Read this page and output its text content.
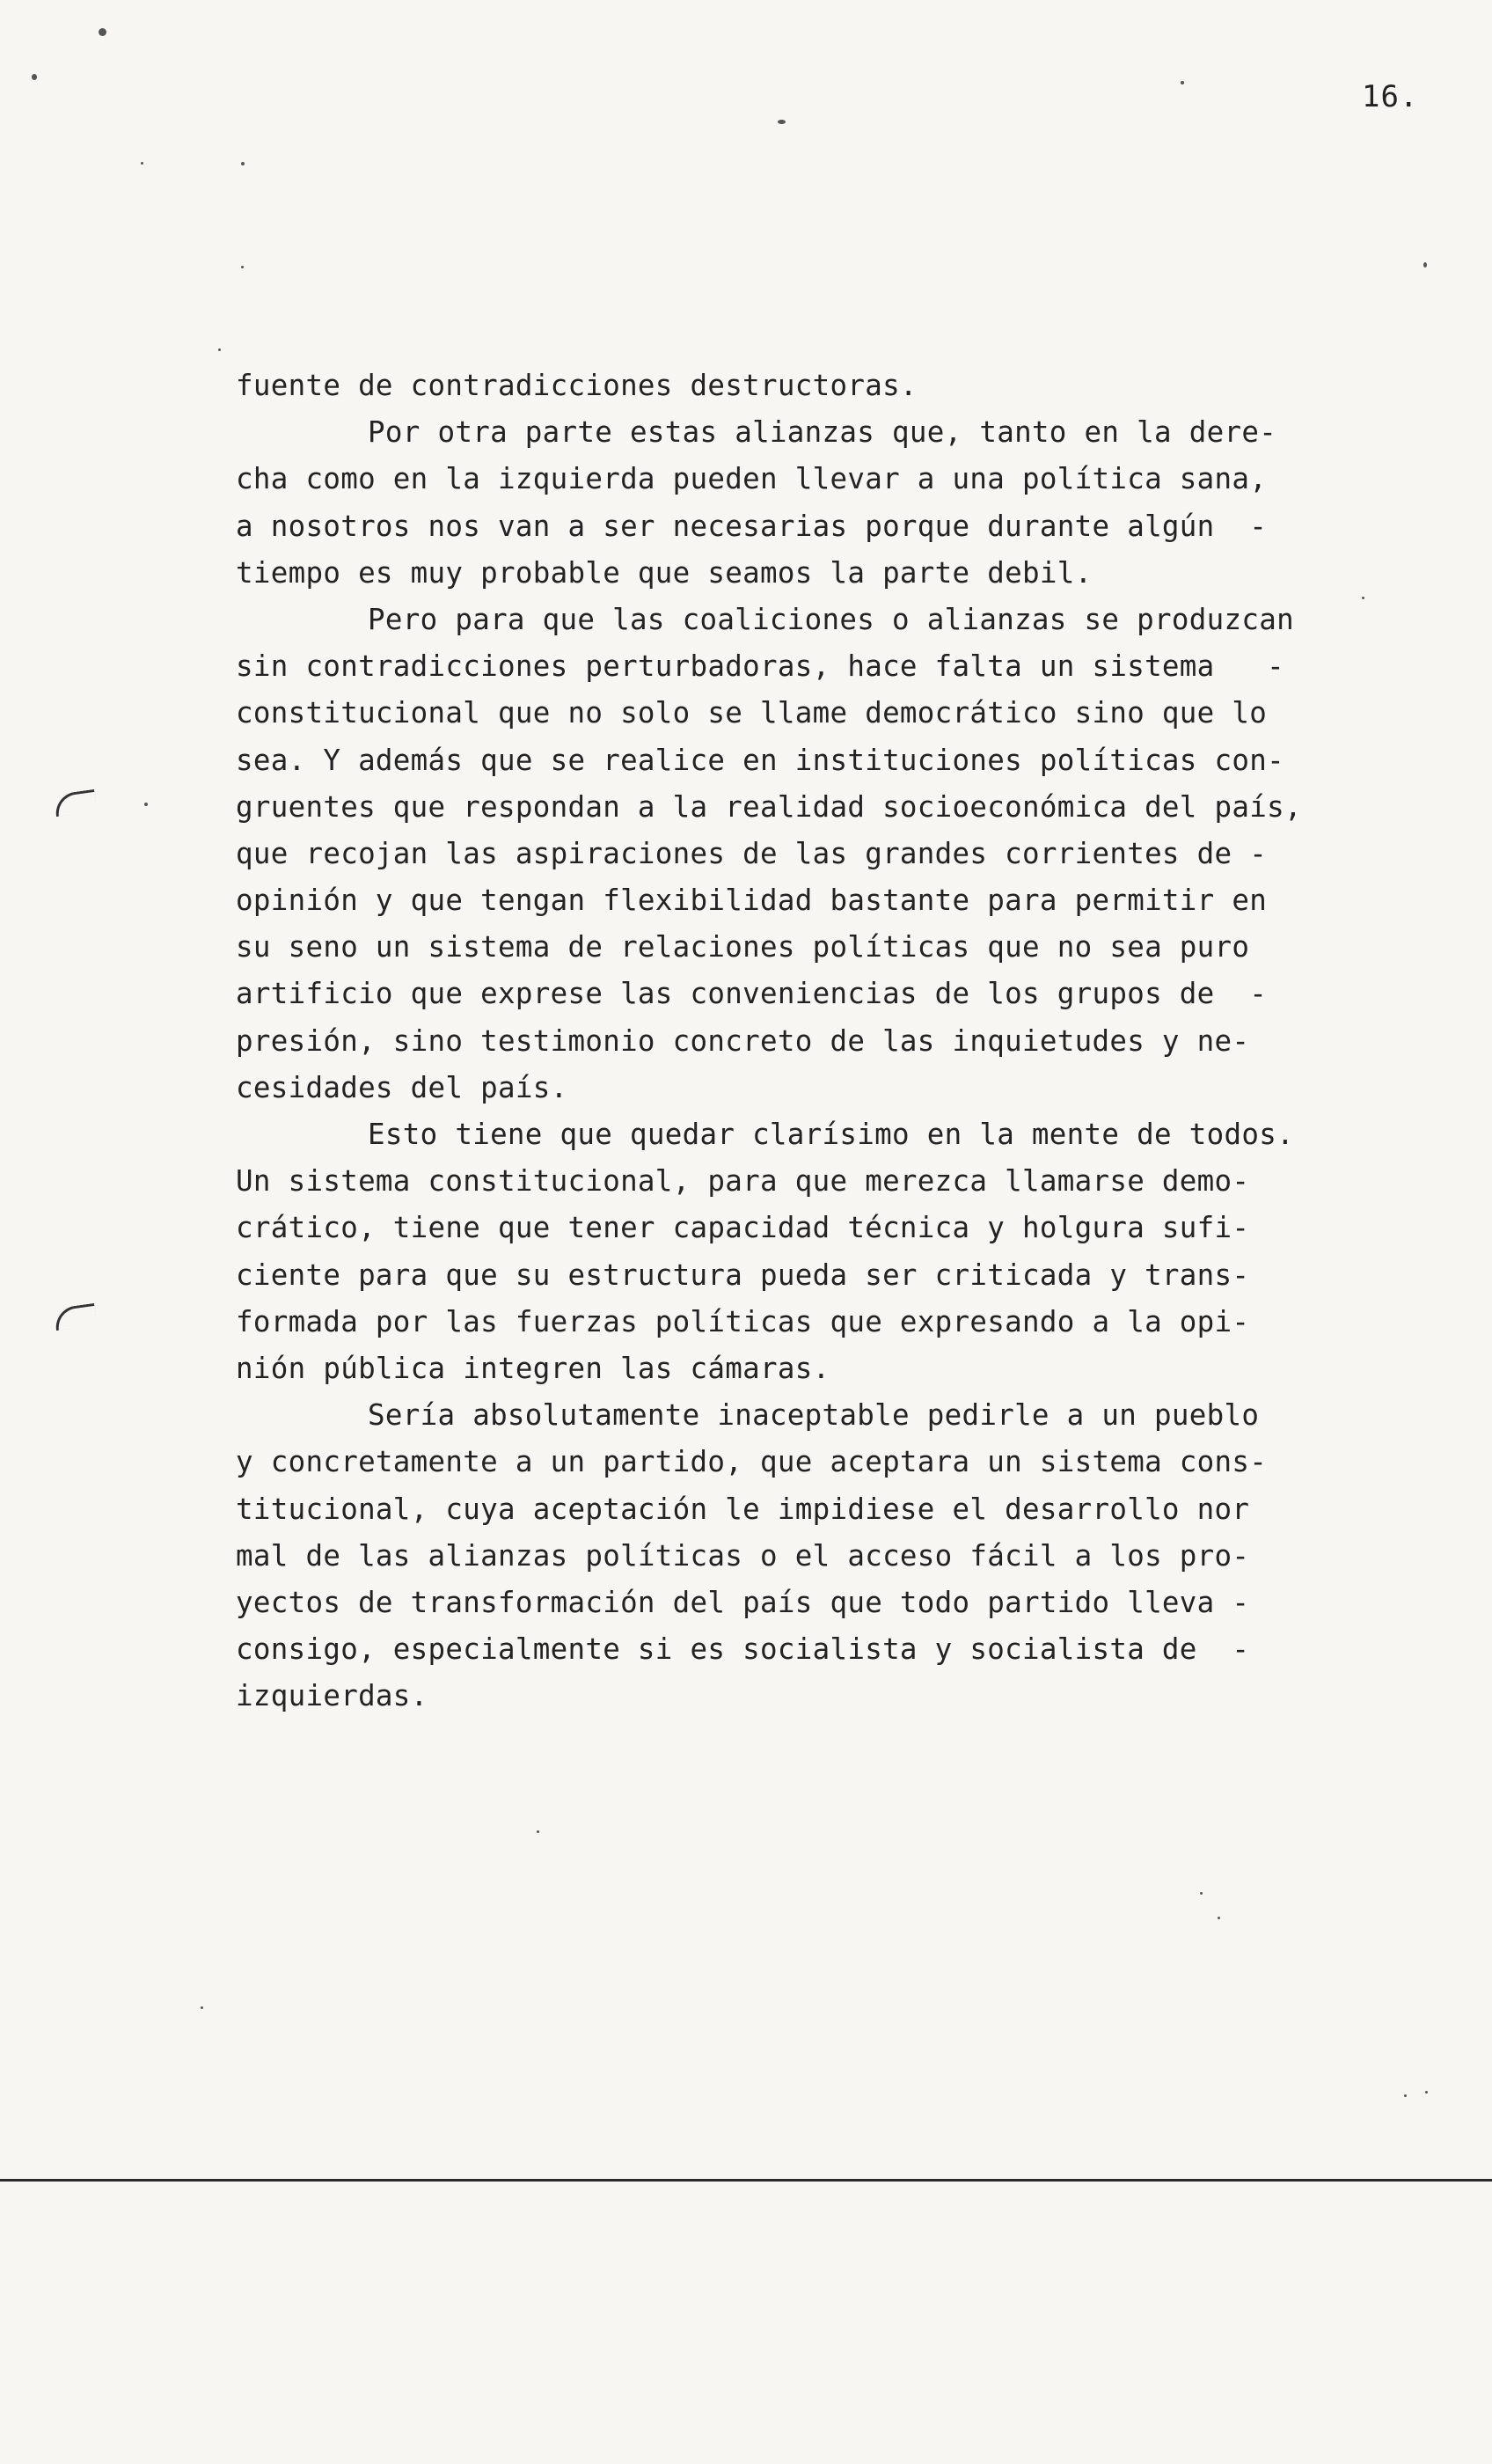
16.
fuente de contradicciones destructoras.
Por otra parte estas alianzas que, tanto en la dere-
cha como en la izquierda pueden llevar a una política sana,
a nosotros nos van a ser necesarias porque durante algún  -
tiempo es muy probable que seamos la parte debil.
Pero para que las coaliciones o alianzas se produzcan
sin contradicciones perturbadoras, hace falta un sistema   -
constitucional que no solo se llame democrático sino que lo
sea. Y además que se realice en instituciones políticas con-
gruentes que respondan a la realidad socioeconómica del país,
que recojan las aspiraciones de las grandes corrientes de -
opinión y que tengan flexibilidad bastante para permitir en
su seno un sistema de relaciones políticas que no sea puro
artificio que exprese las conveniencias de los grupos de  -
presión, sino testimonio concreto de las inquietudes y ne-
cesidades del país.
Esto tiene que quedar clarísimo en la mente de todos.
Un sistema constitucional, para que merezca llamarse demo-
crático, tiene que tener capacidad técnica y holgura sufi-
ciente para que su estructura pueda ser criticada y trans-
formada por las fuerzas políticas que expresando a la opi-
nión pública integren las cámaras.
Sería absolutamente inaceptable pedirle a un pueblo
y concretamente a un partido, que aceptara un sistema cons-
titucional, cuya aceptación le impidiese el desarrollo nor
mal de las alianzas políticas o el acceso fácil a los pro-
yectos de transformación del país que todo partido lleva -
consigo, especialmente si es socialista y socialista de  -
izquierdas.
